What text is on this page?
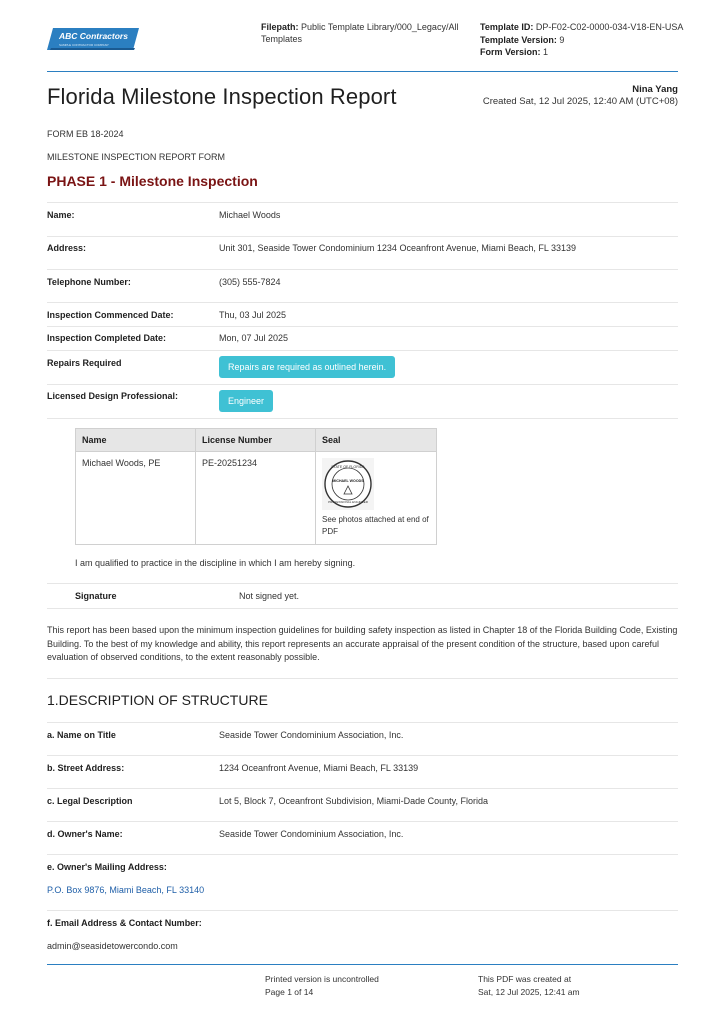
ABC Contractors
SAMPLE CONTRACTOR COMPANY
Filepath: Public Template Library/000_Legacy/All Templates
Template ID: DP-F02-C02-0000-034-V18-EN-USA
Template Version: 9
Form Version: 1
Florida Milestone Inspection Report	Nina Yang
Created Sat, 12 Jul 2025, 12:40 AM (UTC+08)
FORM EB 18-2024
MILESTONE INSPECTION REPORT FORM
PHASE 1 - Milestone Inspection
Name:	Michael Woods
Address:	Unit 301, Seaside Tower Condominium 1234 Oceanfront Avenue, Miami Beach, FL 33139
Telephone Number:	(305) 555-7824
Inspection Commenced Date:	Thu, 03 Jul 2025
Inspection Completed Date:	Mon, 07 Jul 2025
Repairs Required	Repairs are required as outlined herein.
Licensed Design Professional:	Engineer
Name	License Number	Seal
Michael Woods, PE	PE-20251234	STATE OF FLORIDA
MICHAEL WOODS
PROFESSIONAL ENGINEER
See photos attached at end of PDF
I am qualified to practice in the discipline in which I am hereby signing.
Signature	Not signed yet.
This report has been based upon the minimum inspection guidelines for building safety inspection as listed in Chapter 18 of the Florida Building Code, Existing Building. To the best of my knowledge and ability, this report represents an accurate appraisal of the present condition of the structure, based upon careful evaluation of observed conditions, to the extent reasonably possible.
1.DESCRIPTION OF STRUCTURE
a. Name on Title	Seaside Tower Condominium Association, Inc.
b. Street Address:	1234 Oceanfront Avenue, Miami Beach, FL 33139
c. Legal Description	Lot 5, Block 7, Oceanfront Subdivision, Miami-Dade County, Florida
d. Owner's Name:	Seaside Tower Condominium Association, Inc.
e. Owner's Mailing Address:
P.O. Box 9876, Miami Beach, FL 33140
f. Email Address & Contact Number:
admin@seasidetowercondo.com
Printed version is uncontrolled
Page 1 of 14
This PDF was created at
Sat, 12 Jul 2025, 12:41 am
